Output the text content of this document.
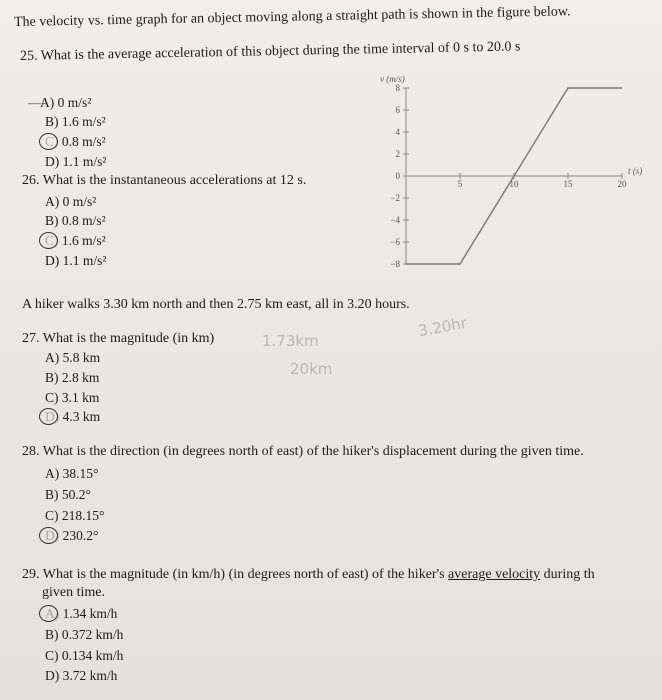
The velocity vs. time graph for an object moving along a straight path is shown in the figure below.
25. What is the average acceleration of this object during the time interval of 0 s to 20.0 s
— A) 0 m/s²
B) 1.6 m/s²
C) 0.8 m/s²
D) 1.1 m/s²
26. What is the instantaneous accelerations at 12 s.
A) 0 m/s²
B) 0.8 m/s²
C) 1.6 m/s²
D) 1.1 m/s²
v (m/s)
t (s)
8
6
4
2
0
−2
−4
−6
−8
5	10	15	20
A hiker walks 3.30 km north and then 2.75 km east, all in 3.20 hours.
27. What is the magnitude (in km)	1.73km
3.20hr
20km
A) 5.8 km
B) 2.8 km
C) 3.1 km
D) 4.3 km
28. What is the direction (in degrees north of east) of the hiker's displacement during the given time.
A) 38.15°
B) 50.2°
C) 218.15°
D) 230.2°
29. What is the magnitude (in km/h) (in degrees north of east) of the hiker's average velocity during th
given time.
A) 1.34 km/h
B) 0.372 km/h
C) 0.134 km/h
D) 3.72 km/h
